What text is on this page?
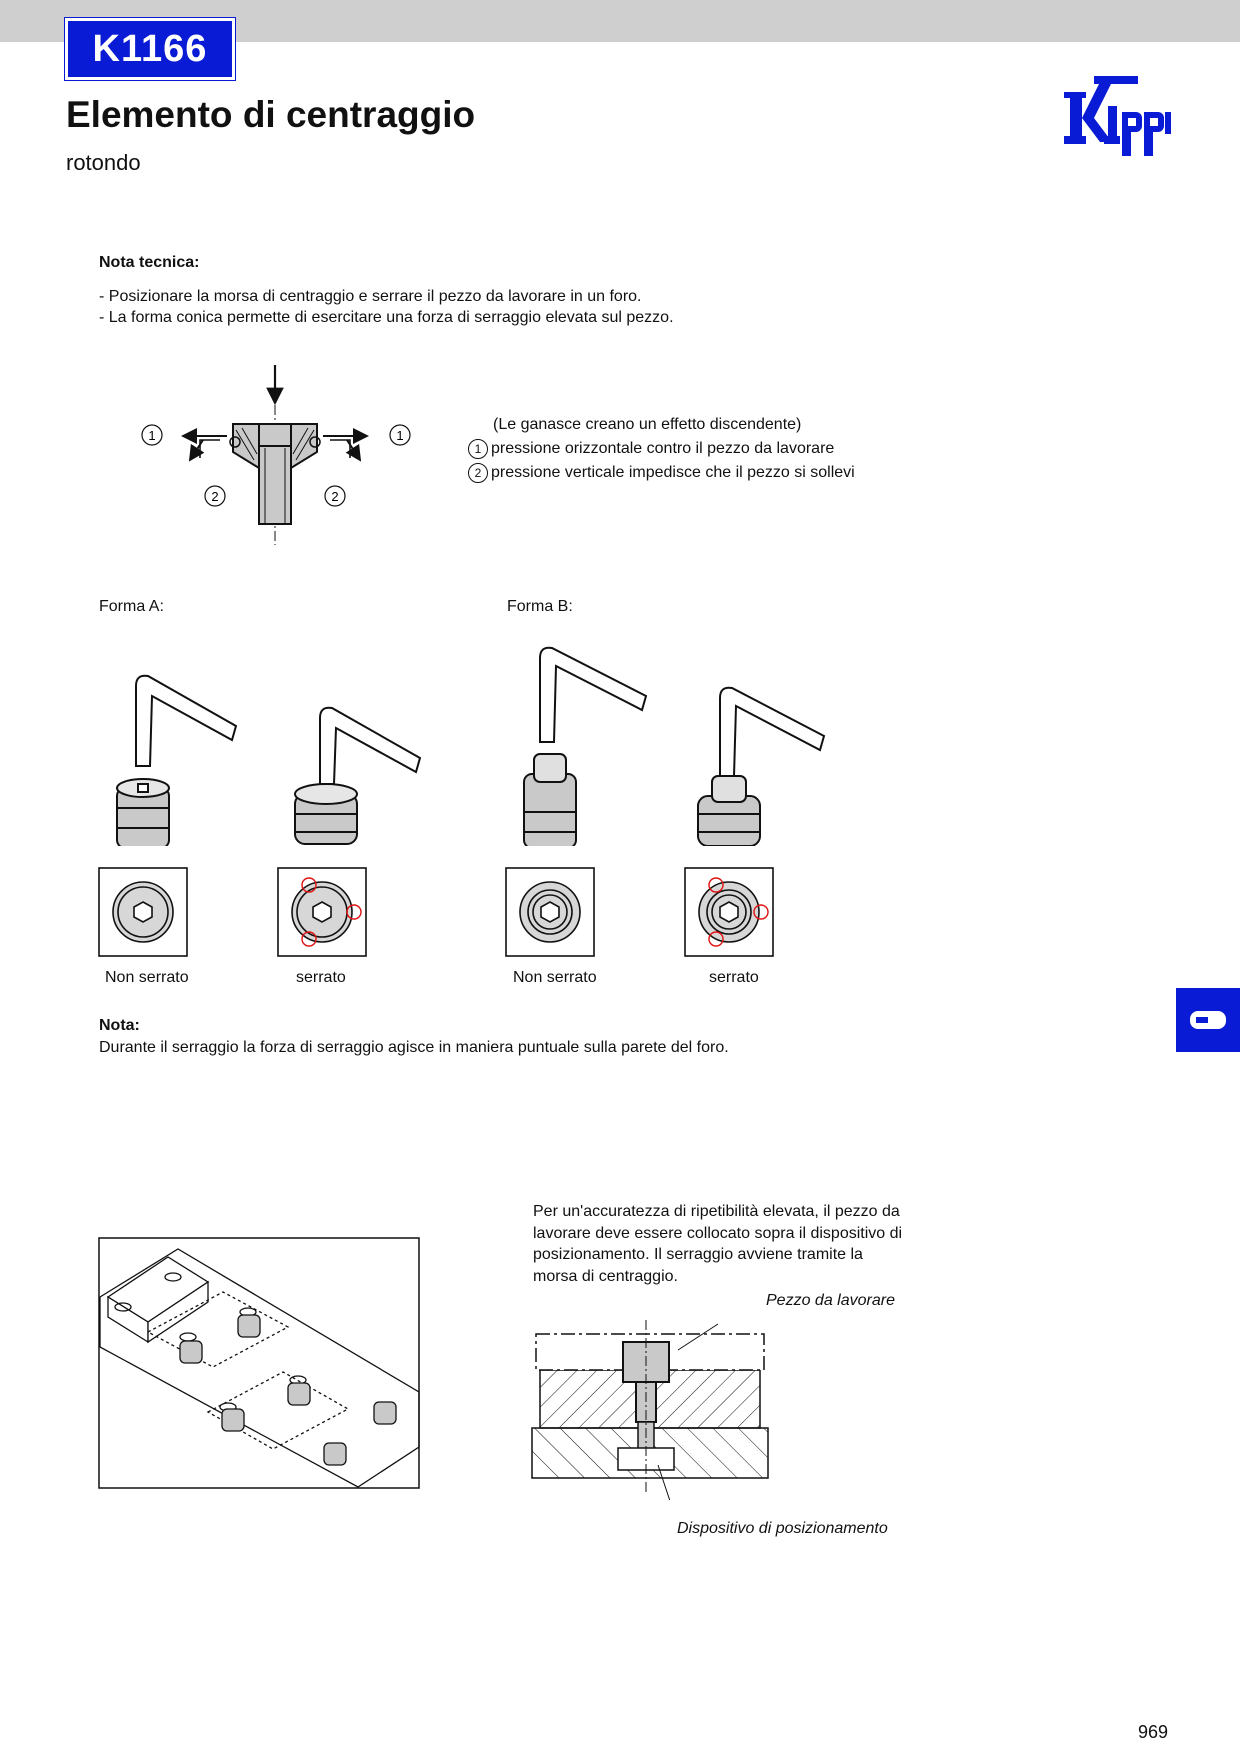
K1166
Elemento di centraggio
rotondo
Nota tecnica:
- Posizionare la morsa di centraggio e serrare il pezzo da lavorare in un foro.
- La forma conica permette di esercitare una forza di serraggio elevata sul pezzo.
1	1
2	2
(Le ganasce creano un effetto discendente)
1 pressione orizzontale contro il pezzo da lavorare
2 pressione verticale impedisce che il pezzo si sollevi
Forma A:	Forma B:
Non serrato	serrato	Non serrato	serrato
Nota:
Durante il serraggio la forza di serraggio agisce in maniera puntuale sulla parete del foro.
Per un'accuratezza di ripetibilità elevata, il pezzo da
lavorare deve essere collocato sopra il dispositivo di
posizionamento. Il serraggio avviene tramite la
morsa di centraggio.
Pezzo da lavorare
Dispositivo di posizionamento
969
